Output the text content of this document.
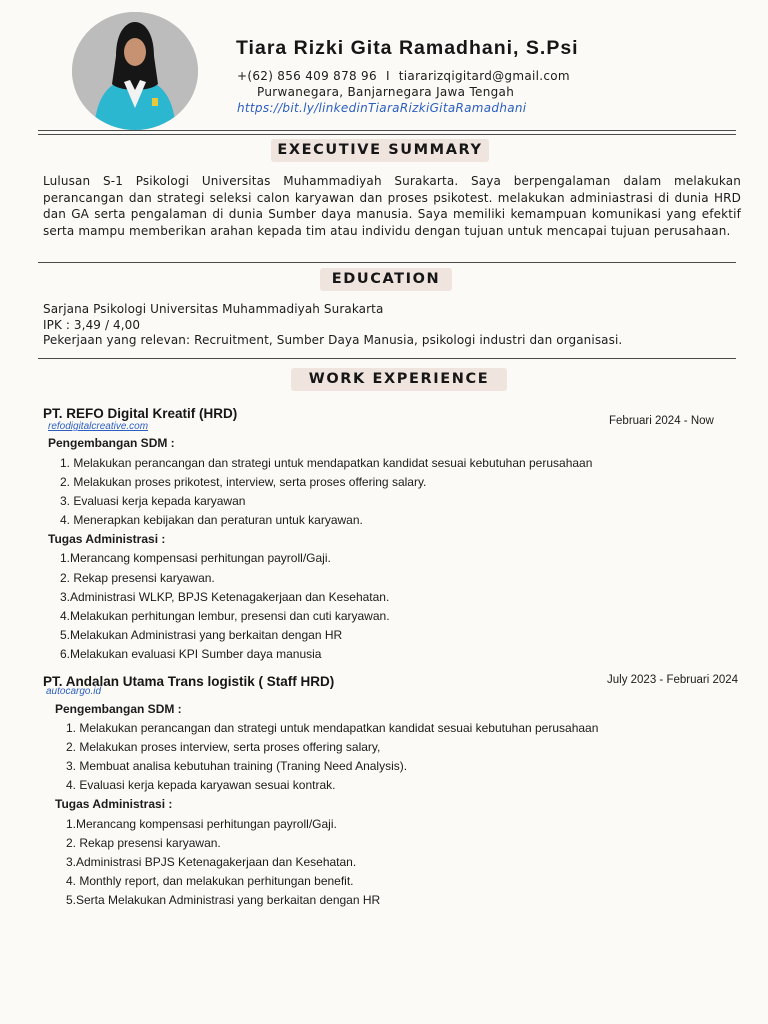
Tiara Rizki Gita Ramadhani, S.Psi
+(62) 856 409 878 96 I tiararizqigitard@gmail.com
Purwanegara, Banjarnegara Jawa Tengah
https://bit.ly/linkedinTiaraRizkiGitaRamadhani
EXECUTIVE SUMMARY
Lulusan S-1 Psikologi Universitas Muhammadiyah Surakarta. Saya berpengalaman dalam melakukan perancangan dan strategi seleksi calon karyawan dan proses psikotest. melakukan adminiastrasi di dunia HRD dan GA serta pengalaman di dunia Sumber daya manusia. Saya memiliki kemampuan komunikasi yang efektif serta mampu memberikan arahan kepada tim atau individu dengan tujuan untuk mencapai tujuan perusahaan.
EDUCATION
Sarjana Psikologi Universitas Muhammadiyah Surakarta
IPK : 3,49 / 4,00
Pekerjaan yang relevan: Recruitment, Sumber Daya Manusia, psikologi industri dan organisasi.
WORK EXPERIENCE
PT. REFO Digital Kreatif (HRD)
refodigitalcreative.com	Februari 2024 - Now
Pengembangan SDM :
1. Melakukan perancangan dan strategi untuk mendapatkan kandidat sesuai kebutuhan perusahaan
2. Melakukan proses prikotest, interview, serta proses offering salary.
3. Evaluasi kerja kepada karyawan
4. Menerapkan kebijakan dan peraturan untuk karyawan.
Tugas Administrasi :
1.Merancang kompensasi perhitungan payroll/Gaji.
2. Rekap presensi karyawan.
3.Administrasi WLKP, BPJS Ketenagakerjaan dan Kesehatan.
4.Melakukan perhitungan lembur, presensi dan cuti karyawan.
5.Melakukan Administrasi yang berkaitan dengan HR
6.Melakukan evaluasi KPI Sumber daya manusia
PT. Andalan Utama Trans logistik ( Staff HRD)
autocargo.id
July 2023 - Februari 2024
Pengembangan SDM :
1. Melakukan perancangan dan strategi untuk mendapatkan kandidat sesuai kebutuhan perusahaan
2. Melakukan proses interview, serta proses offering salary,
3. Membuat analisa kebutuhan training (Traning Need Analysis).
4. Evaluasi kerja kepada karyawan sesuai kontrak.
Tugas Administrasi :
1.Merancang kompensasi perhitungan payroll/Gaji.
2. Rekap presensi karyawan.
3.Administrasi BPJS Ketenagakerjaan dan Kesehatan.
4. Monthly report, dan melakukan perhitungan benefit.
5.Serta Melakukan Administrasi yang berkaitan dengan HR
